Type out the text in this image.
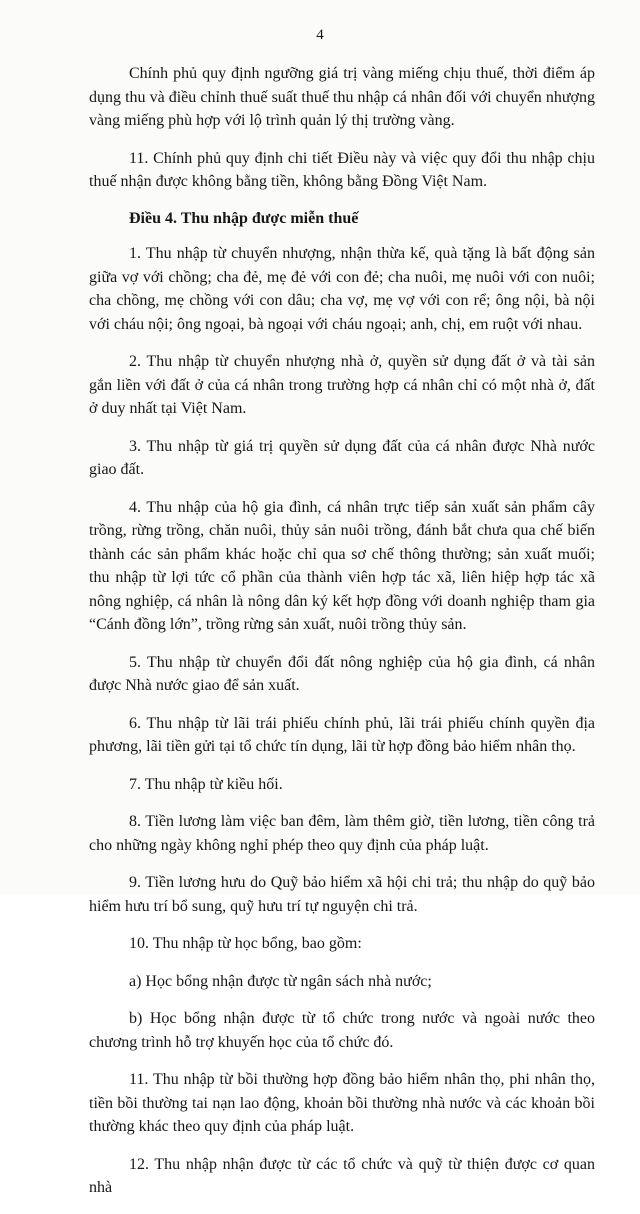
4

Chính phủ quy định ngưỡng giá trị vàng miếng chịu thuế, thời điểm áp dụng thu và điều chỉnh thuế suất thuế thu nhập cá nhân đối với chuyển nhượng vàng miếng phù hợp với lộ trình quản lý thị trường vàng.

11. Chính phủ quy định chi tiết Điều này và việc quy đổi thu nhập chịu thuế nhận được không bằng tiền, không bằng Đồng Việt Nam.

Điều 4. Thu nhập được miễn thuế

1. Thu nhập từ chuyển nhượng, nhận thừa kế, quà tặng là bất động sản giữa vợ với chồng; cha đẻ, mẹ đẻ với con đẻ; cha nuôi, mẹ nuôi với con nuôi; cha chồng, mẹ chồng với con dâu; cha vợ, mẹ vợ với con rể; ông nội, bà nội với cháu nội; ông ngoại, bà ngoại với cháu ngoại; anh, chị, em ruột với nhau.

2. Thu nhập từ chuyển nhượng nhà ở, quyền sử dụng đất ở và tài sản gắn liền với đất ở của cá nhân trong trường hợp cá nhân chỉ có một nhà ở, đất ở duy nhất tại Việt Nam.

3. Thu nhập từ giá trị quyền sử dụng đất của cá nhân được Nhà nước giao đất.

4. Thu nhập của hộ gia đình, cá nhân trực tiếp sản xuất sản phẩm cây trồng, rừng trồng, chăn nuôi, thủy sản nuôi trồng, đánh bắt chưa qua chế biến thành các sản phẩm khác hoặc chỉ qua sơ chế thông thường; sản xuất muối; thu nhập từ lợi tức cổ phần của thành viên hợp tác xã, liên hiệp hợp tác xã nông nghiệp, cá nhân là nông dân ký kết hợp đồng với doanh nghiệp tham gia “Cánh đồng lớn”, trồng rừng sản xuất, nuôi trồng thủy sản.

5. Thu nhập từ chuyển đổi đất nông nghiệp của hộ gia đình, cá nhân được Nhà nước giao để sản xuất.

6. Thu nhập từ lãi trái phiếu chính phủ, lãi trái phiếu chính quyền địa phương, lãi tiền gửi tại tổ chức tín dụng, lãi từ hợp đồng bảo hiểm nhân thọ.

7. Thu nhập từ kiều hối.

8. Tiền lương làm việc ban đêm, làm thêm giờ, tiền lương, tiền công trả cho những ngày không nghỉ phép theo quy định của pháp luật.

9. Tiền lương hưu do Quỹ bảo hiểm xã hội chi trả; thu nhập do quỹ bảo hiểm hưu trí bổ sung, quỹ hưu trí tự nguyện chi trả.

10. Thu nhập từ học bổng, bao gồm:

a) Học bổng nhận được từ ngân sách nhà nước;

b) Học bổng nhận được từ tổ chức trong nước và ngoài nước theo chương trình hỗ trợ khuyến học của tổ chức đó.

11. Thu nhập từ bồi thường hợp đồng bảo hiểm nhân thọ, phi nhân thọ, tiền bồi thường tai nạn lao động, khoản bồi thường nhà nước và các khoản bồi thường khác theo quy định của pháp luật.

12. Thu nhập nhận được từ các tổ chức và quỹ từ thiện được cơ quan nhà
